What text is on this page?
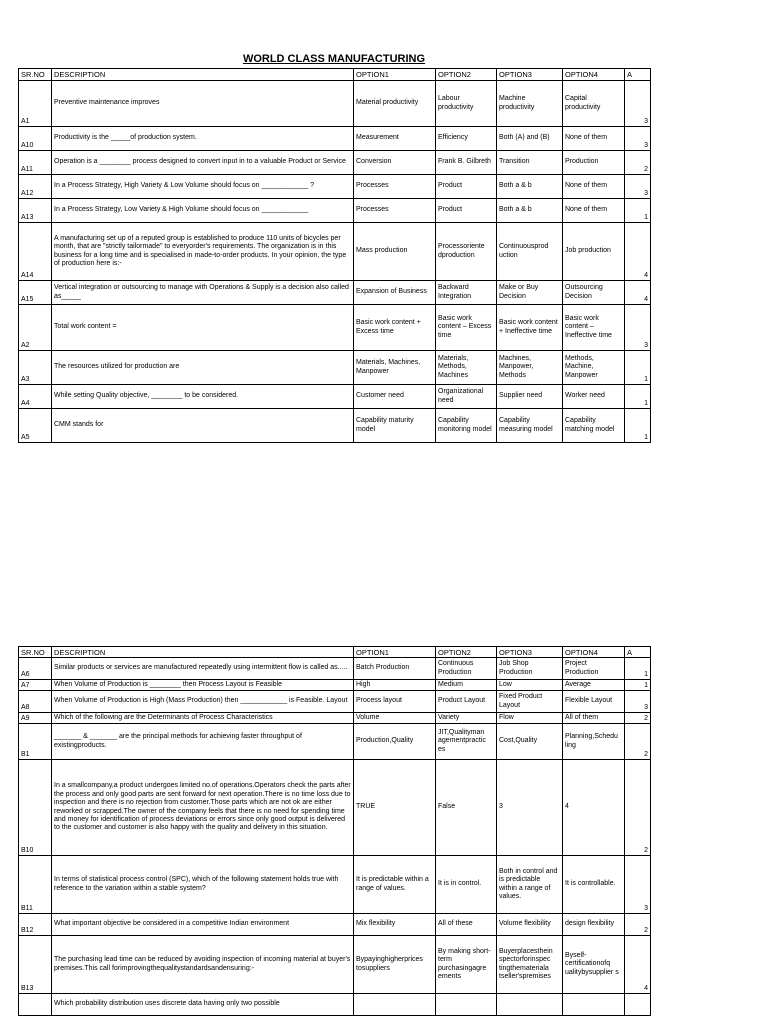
WORLD CLASS MANUFACTURING
SR.NO	DESCRIPTION	OPTION1	OPTION2	OPTION3	OPTION4	A
A1	Preventive maintenance improves	Material productivity	Labour productivity	Machine productivity	Capital productivity	3
A10	Productivity is the _____of production system.	Measurement	Efficiency	Both (A) and (B)	None of them	3
A11	Operation is a ________ process designed to convert input in to a valuable Product or Service	Conversion	Frank B. Gilbreth	Transition	Production	2
A12	In a Process Strategy, High Variety & Low Volume should focus on ____________ ?	Processes	Product	Both a & b	None of them	3
A13	In a Process Strategy, Low Variety & High Volume should focus on ____________	Processes	Product	Both a & b	None of them	1
A14	A manufacturing set up of a reputed group is established to produce 110 units of bicycles per month, that are "strictly tailormade" to everyorder's requirements. The organization is in this business for a long time and is specialised in made-to-order products. In your opinion, the type of production here is:-	Mass production	Processoriente dproduction	Continuousprod uction	Job production	4
A15	Vertical integration or outsourcing to manage with Operations & Supply is a decision also called as_____	Expansion of Business	Backward Integration	Make or Buy Decision	Outsourcing Decision	4
A2	Total work content =	Basic work content + Excess time	Basic work content – Excess time	Basic work content + Ineffective time	Basic work content – Ineffective time	3
A3	The resources utilized for production are	Materials, Machines, Manpower	Materials, Methods, Machines	Machines, Manpower, Methods	Methods, Machine, Manpower	1
A4	While setting Quality objective, ________ to be considered.	Customer need	Organizational need	Supplier need	Worker need	1
A5	CMM stands for	Capability maturity model	Capability monitoring model	Capability measuring model	Capability matching model	1
SR.NO	DESCRIPTION	OPTION1	OPTION2	OPTION3	OPTION4	A
A6	Similar products or services are manufactured repeatedly using intermittent flow is called as.....	Batch Production	Continuous Production	Job Shop Production	Project Production	1
A7	When Volume of Production is ________ then Process Layout is Feasible	High	Medium	Low	Average	1
A8	When Volume of Production is High (Mass Production) then ____________ is Feasible. Layout	Process layout	Product Layout	Fixed Product Layout	Flexible Layout	3
A9	Which of the following are the Determinants of Process Characteristics	Volume	Variety	Flow	All of them	2
B1	_______ & _______ are the principal methods for achieving faster throughput of existingproducts.	Production,Quality	JIT,Qualityman agementpractic es	Cost,Quality	Planning,Schedu ling	2
B10	In a smallcompany,a product undergoes limited no.of operations.Operators check the parts after the process and only good parts are sent forward for next operation.There is no time loss due to inspection and there is no rejection from customer.Those parts which are not ok are either reworked or scrapped.The owner of the company feels that there is no need for spending time and money for identification of process deviations or errors since only good output is delivered to the customer and customer is also happy with the quality and delivery in this situation.	TRUE	False	3	4	2
B11	In terms of statistical process control (SPC), which of the following statement holds true with reference to the variation within a stable system?	It is predictable within a range of values.	It is in control.	Both in control and is predictable within a range of values.	It is controllable.	3
B12	What important objective be considered in a competitive Indian environment	Mix flexibility	All of these	Volume flexibility	design flexibility	2
B13	The purchasing lead time can be reduced by avoiding inspection of incoming material at buyer's premises.This call forimprovingthequalitystandardsandensuring:-	Bypayinghigherprices tosuppliers	By making short-term purchasingagre ements	Buyerplacesthein spectorforinspec tingthematerialа tseller'spremises	Byself-certificationofq ualitybysupplier s	4
	Which probability distribution uses discrete data having only two possible					
